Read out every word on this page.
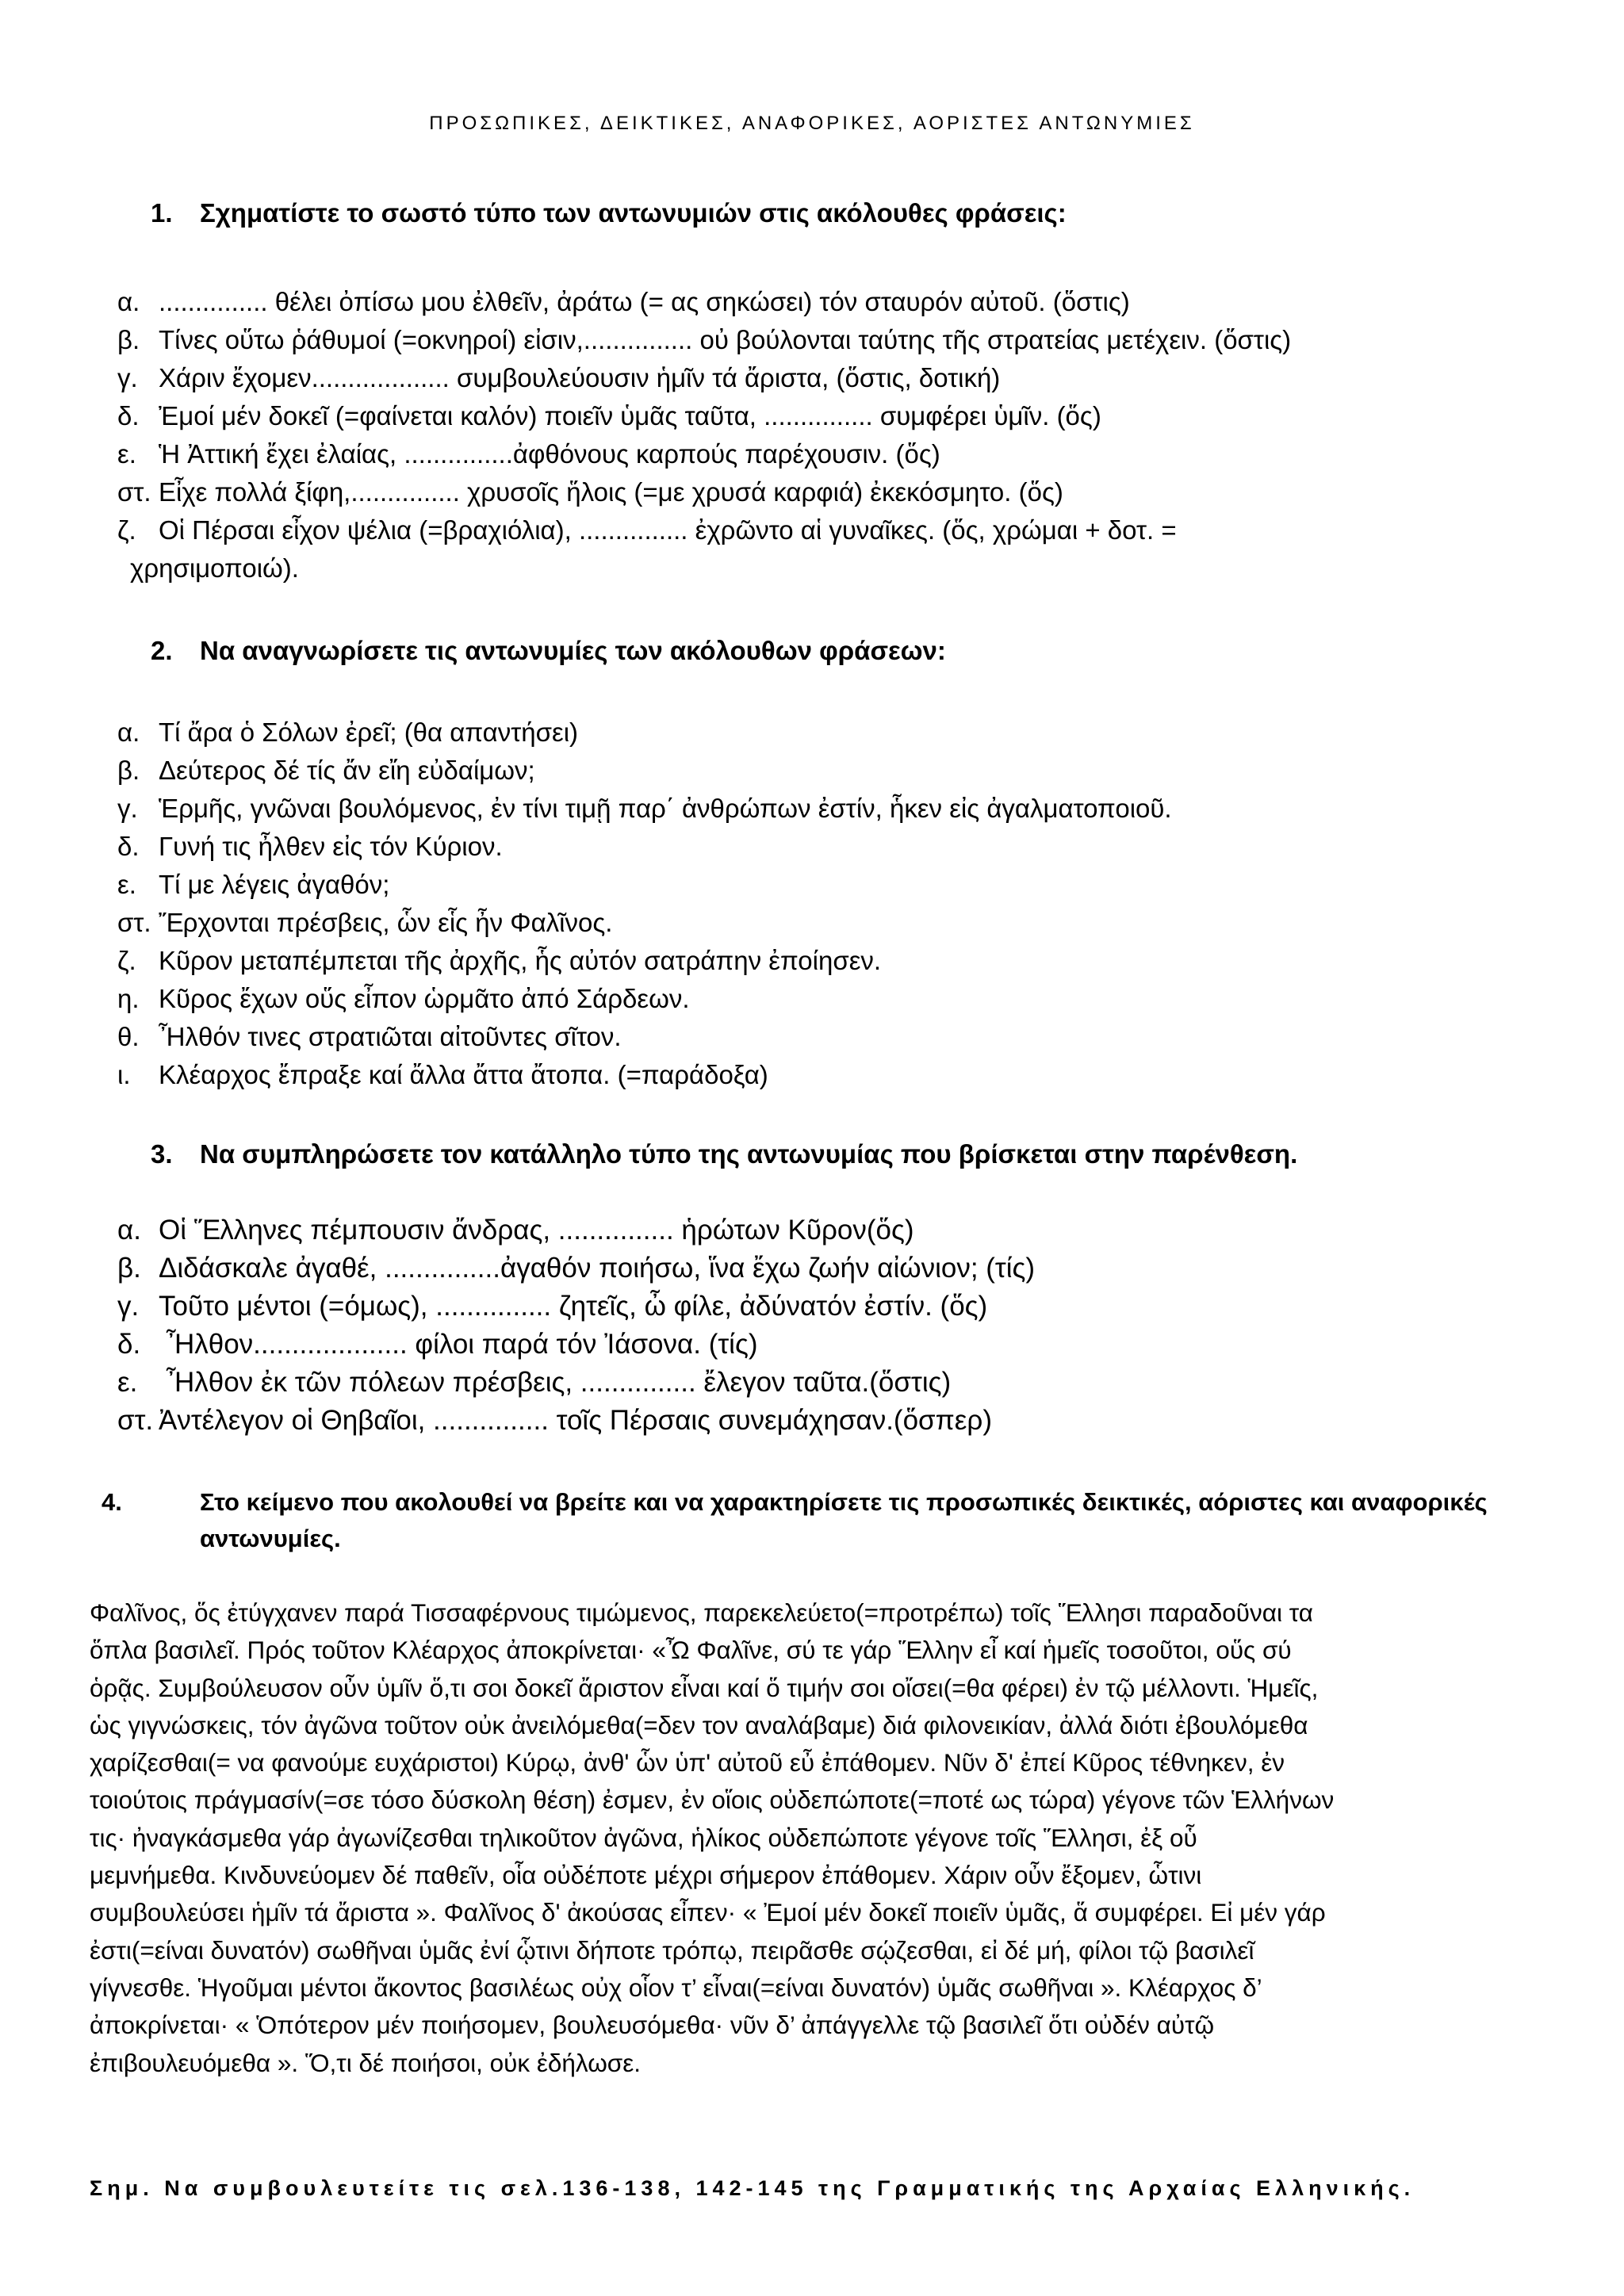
ΠΡΟΣΩΠΙΚΕΣ, ΔΕΙΚΤΙΚΕΣ, ΑΝΑΦΟΡΙΚΕΣ, ΑΟΡΙΣΤΕΣ ΑΝΤΩΝΥΜΙΕΣ
1. Σχηματίστε το σωστό τύπο των αντωνυμιών στις ακόλουθες φράσεις:
α. ............... θέλει ὀπίσω μου ἐλθεῖν, ἀράτω (= ας σηκώσει) τόν σταυρόν αὐτοῦ. (ὅστις)
β. Τίνες οὕτω ῥάθυμοί (=οκνηροί) εἰσιν,............... οὐ βούλονται ταύτης τῆς στρατείας μετέχειν. (ὅστις)
γ. Χάριν ἔχομεν................... συμβουλεύουσιν ἡμῖν τά ἄριστα, (ὅστις, δοτική)
δ. Ἐμοί μέν δοκεῖ (=φαίνεται καλόν) ποιεῖν ὑμᾶς ταῦτα, ............... συμφέρει ὑμῖν. (ὅς)
ε. Ἡ Ἀττική ἔχει ἐλαίας, ...............ἀφθόνους καρπούς παρέχουσιν. (ὅς)
στ. Εἶχε πολλά ξίφη,............... χρυσοῖς ἥλοις (=με χρυσά καρφιά) ἐκεκόσμητο. (ὅς)
ζ. Οἱ Πέρσαι εἶχον ψέλια (=βραχιόλια), ............... ἐχρῶντο αἱ γυναῖκες. (ὅς, χρώμαι + δοτ. =
χρησιμοποιώ).
2. Να αναγνωρίσετε τις αντωνυμίες των ακόλουθων φράσεων:
α. Τί ἄρα ὁ Σόλων ἐρεῖ; (θα απαντήσει)
β. Δεύτερος δέ τίς ἄν εἴη εὐδαίμων;
γ. Ἑρμῆς, γνῶναι βουλόμενος, ἐν τίνι τιμῇ παρ΄ ἀνθρώπων ἐστίν, ἧκεν εἰς ἀγαλματοποιοῦ.
δ. Γυνή τις ἦλθεν εἰς τόν Κύριον.
ε. Τί με λέγεις ἀγαθόν;
στ. Ἔρχονται πρέσβεις, ὧν εἷς ἦν Φαλῖνος.
ζ. Κῦρον μεταπέμπεται τῆς ἀρχῆς, ἧς αὐτόν σατράπην ἐποίησεν.
η. Κῦρος ἔχων οὕς εἶπον ὡρμᾶτο ἀπό Σάρδεων.
θ. Ἦλθόν τινες στρατιῶται αἰτοῦντες σῖτον.
ι. Κλέαρχος ἔπραξε καί ἄλλα ἄττα ἄτοπα. (=παράδοξα)
3. Να συμπληρώσετε τον κατάλληλο τύπο της αντωνυμίας που βρίσκεται στην παρένθεση.
α. Οἱ Ἕλληνες πέμπουσιν ἄνδρας, ............... ἡρώτων Κῦρον(ὅς)
β. Διδάσκαλε ἀγαθέ, ...............ἀγαθόν ποιήσω, ἵνα ἔχω ζωήν αἰώνιον; (τίς)
γ. Τοῦτο μέντοι (=όμως), ............... ζητεῖς, ὦ φίλε, ἀδύνατόν ἐστίν. (ὅς)
δ. Ἦλθον.................... φίλοι παρά τόν Ἰάσονα. (τίς)
ε. Ἦλθον ἐκ τῶν πόλεων πρέσβεις, ............... ἔλεγον ταῦτα.(ὅστις)
στ. Ἀντέλεγον οἱ Θηβαῖοι, ............... τοῖς Πέρσαις συνεμάχησαν.(ὅσπερ)
4.	Στο κείμενο που ακολουθεί να βρείτε και να χαρακτηρίσετε τις προσωπικές δεικτικές, αόριστες και αναφορικές αντωνυμίες.
Φαλῖνος, ὅς ἐτύγχανεν παρά Τισσαφέρνους τιμώμενος, παρεκελεύετο(=προτρέπω) τοῖς Ἕλλησι παραδοῦναι τα
ὅπλα βασιλεῖ. Πρός τοῦτον Κλέαρχος ἀποκρίνεται· «Ὦ Φαλῖνε, σύ τε γάρ Ἕλλην εἶ καί ἡμεῖς τοσοῦτοι, οὕς σύ
ὁρᾷς. Συμβούλευσον οὖν ὑμῖν ὅ,τι σοι δοκεῖ ἄριστον εἶναι καί ὅ τιμήν σοι οἴσει(=θα φέρει) ἐν τῷ μέλλοντι. Ἡμεῖς,
ὡς γιγνώσκεις, τόν ἀγῶνα τοῦτον οὐκ ἀνειλόμεθα(=δεν τον αναλάβαμε) διά φιλονεικίαν, ἀλλά διότι ἐβουλόμεθα
χαρίζεσθαι(= να φανούμε ευχάριστοι) Κύρῳ, ἀνθ' ὧν ὑπ' αὐτοῦ εὖ ἐπάθομεν. Νῦν δ' ἐπεί Κῦρος τέθνηκεν, ἐν
τοιούτοις πράγμασίν(=σε τόσο δύσκολη θέση) ἐσμεν, ἐν οἵοις οὐδεπώποτε(=ποτέ ως τώρα) γέγονε τῶν Ἑλλήνων
τις· ἠναγκάσμεθα γάρ ἀγωνίζεσθαι τηλικοῦτον ἀγῶνα, ἡλίκος οὐδεπώποτε γέγονε τοῖς Ἕλλησι, ἐξ οὗ
μεμνήμεθα. Κινδυνεύομεν δέ παθεῖν, οἷα οὐδέποτε μέχρι σήμερον ἐπάθομεν. Χάριν οὖν ἔξομεν, ὧτινι
συμβουλεύσει ἡμῖν τά ἄριστα ». Φαλῖνος δ' ἀκούσας εἶπεν· « Ἐμοί μέν δοκεῖ ποιεῖν ὑμᾶς, ἅ συμφέρει. Εἰ μέν γάρ
ἐστι(=είναι δυνατόν) σωθῆναι ὑμᾶς ἐνί ᾧτινι δήποτε τρόπῳ, πειρᾶσθε σῴζεσθαι, εἰ δέ μή, φίλοι τῷ βασιλεῖ
γίγνεσθε. Ἡγοῦμαι μέντοι ἄκοντος βασιλέως οὐχ οἷον τ’ εἶναι(=είναι δυνατόν) ὑμᾶς σωθῆναι ». Κλέαρχος δ’
ἀποκρίνεται· « Ὁπότερον μέν ποιήσομεν, βουλευσόμεθα· νῦν δ’ ἀπάγγελλε τῷ βασιλεῖ ὅτι οὐδέν αὐτῷ
ἐπιβουλευόμεθα ». Ὅ,τι δέ ποιήσοι, οὐκ ἐδήλωσε.
Σημ. Να συμβουλευτείτε τις σελ.136-138, 142-145 της Γραμματικής της Αρχαίας Ελληνικής.
